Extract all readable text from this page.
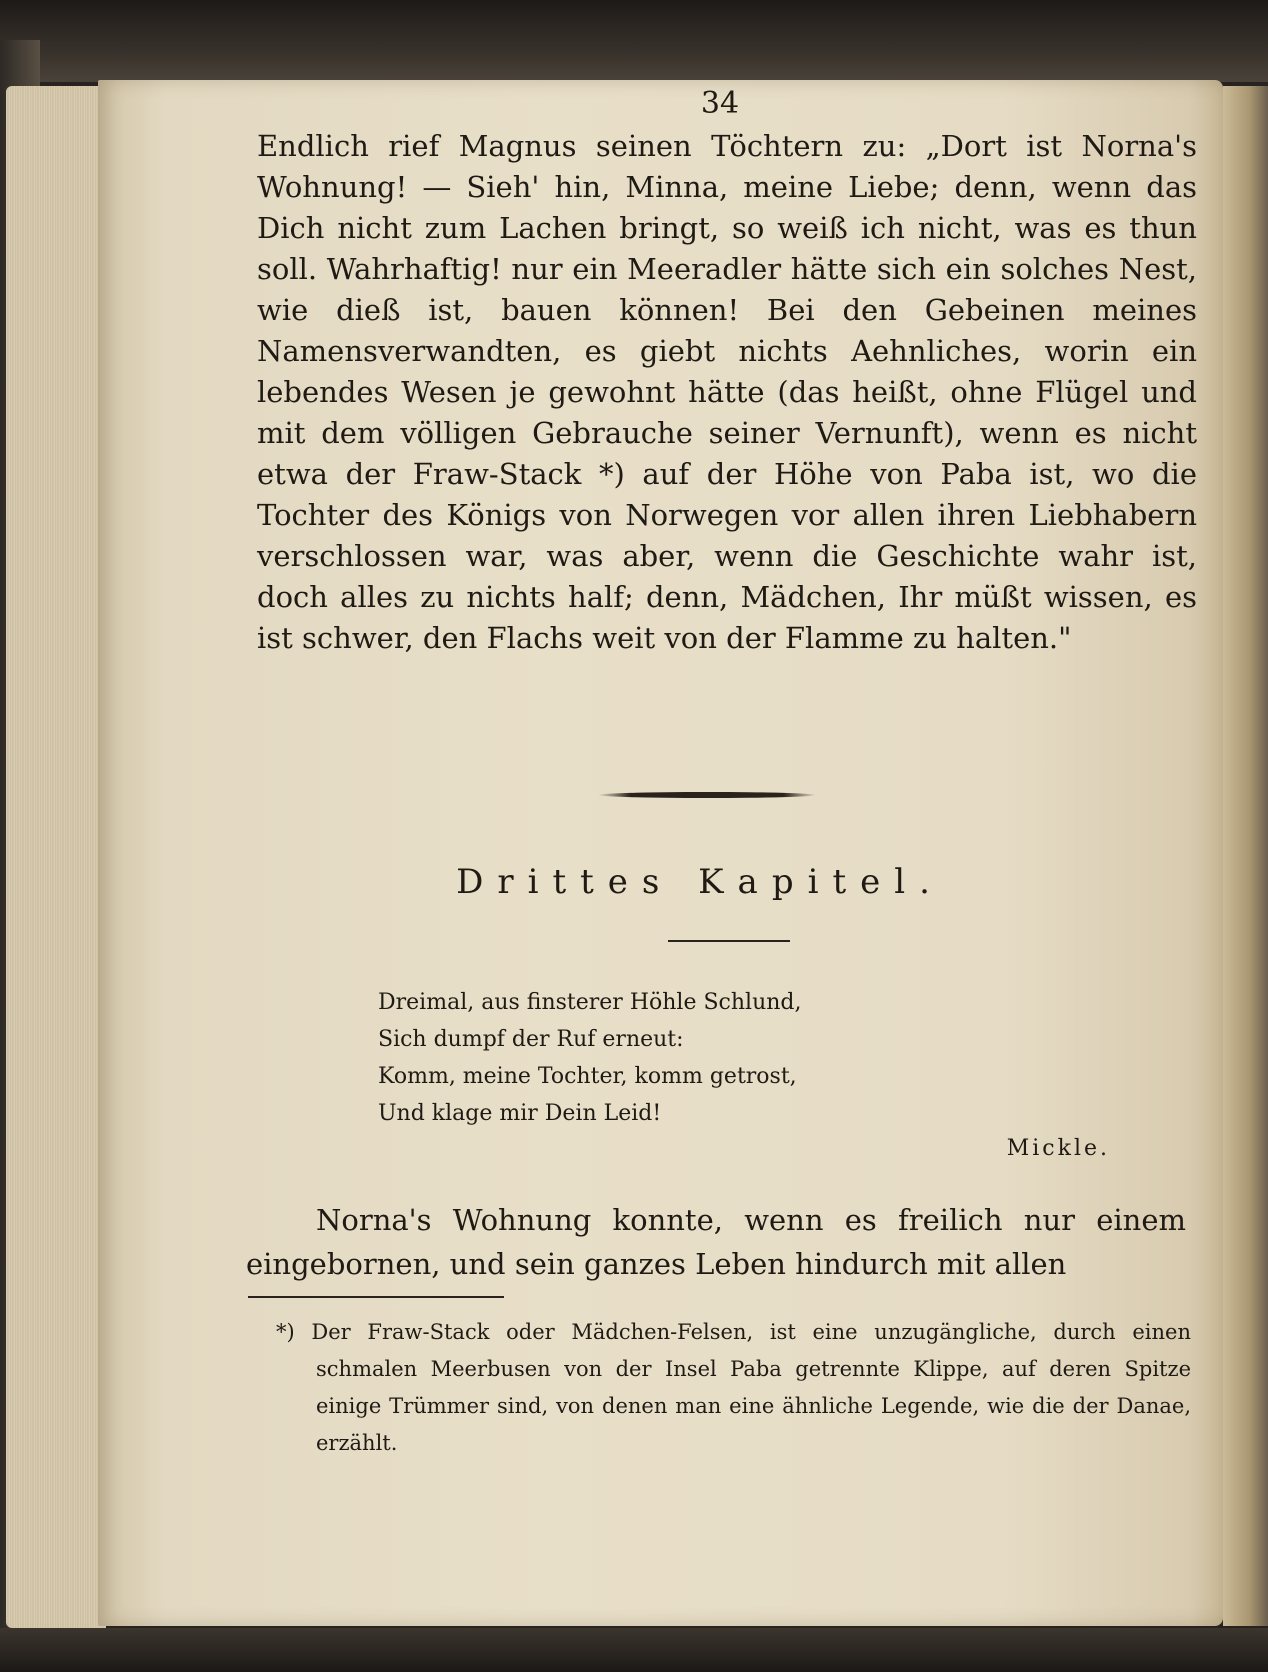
34
Endlich rief Magnus seinen Töchtern zu: „Dort ist Norna's Wohnung! — Sieh' hin, Minna, meine Liebe; denn, wenn das Dich nicht zum Lachen bringt, so weiß ich nicht, was es thun soll. Wahrhaftig! nur ein Meeradler hätte sich ein solches Nest, wie dieß ist, bauen können! Bei den Gebeinen meines Namensverwandten, es giebt nichts Aehnliches, worin ein lebendes Wesen je gewohnt hätte (das heißt, ohne Flügel und mit dem völligen Gebrauche seiner Vernunft), wenn es nicht etwa der Fraw-Stack *) auf der Höhe von Paba ist, wo die Tochter des Königs von Norwegen vor allen ihren Liebhabern verschlossen war, was aber, wenn die Geschichte wahr ist, doch alles zu nichts half; denn, Mädchen, Ihr müßt wissen, es ist schwer, den Flachs weit von der Flamme zu halten."
Drittes Kapitel.
Dreimal, aus finsterer Höhle Schlund,
Sich dumpf der Ruf erneut:
Komm, meine Tochter, komm getrost,
Und klage mir Dein Leid!
Mickle.
Norna's Wohnung konnte, wenn es freilich nur einem eingebornen, und sein ganzes Leben hindurch mit allen
*) Der Fraw-Stack oder Mädchen-Felsen, ist eine unzugängliche, durch einen schmalen Meerbusen von der Insel Paba getrennte Klippe, auf deren Spitze einige Trümmer sind, von denen man eine ähnliche Legende, wie die der Danae, erzählt.
